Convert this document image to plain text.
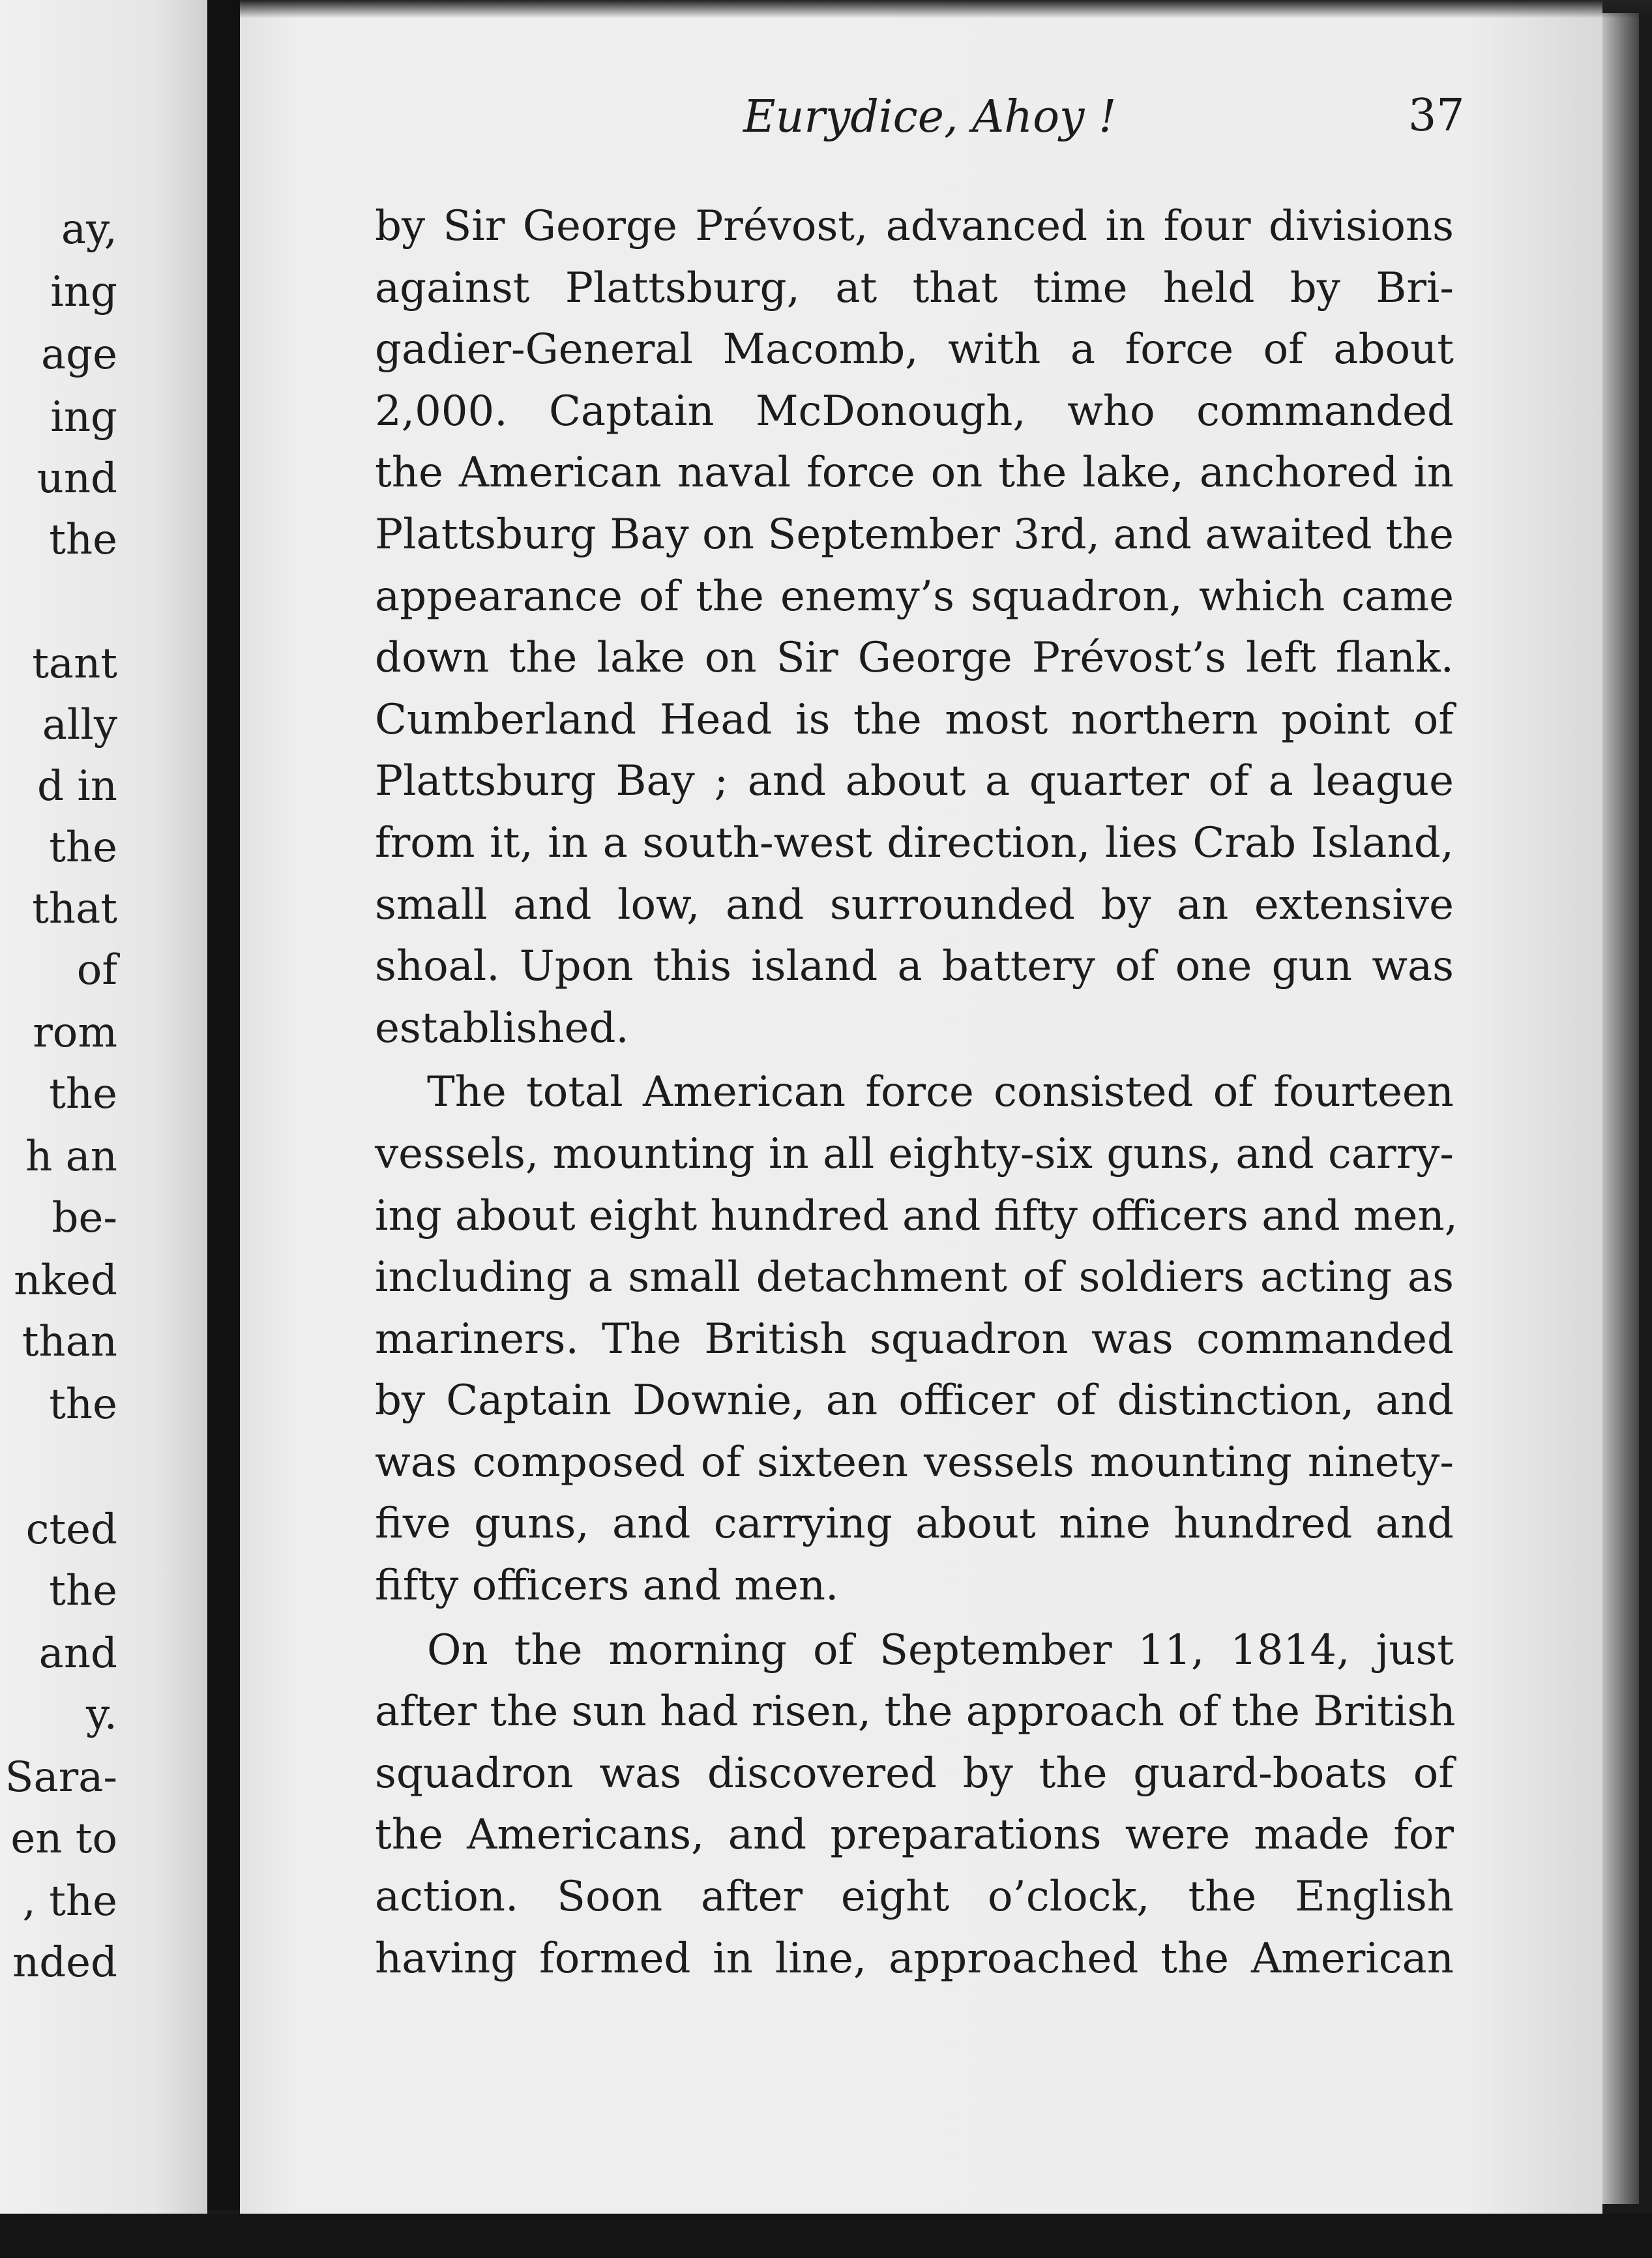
ay,
ing
age
ing
und
the
tant
ally
d in
the
that
of
rom
the
h an
be-
nked
than
the
cted
the
and
y.
Sara-
en to
, the
nded
Eurydice, Ahoy !	37
by Sir George Prévost, advanced in four divisions
against Plattsburg, at that time held by Bri-
gadier-General Macomb, with a force of about
2,000. Captain McDonough, who commanded
the American naval force on the lake, anchored in
Plattsburg Bay on September 3rd, and awaited the
appearance of the enemy’s squadron, which came
down the lake on Sir George Prévost’s left flank.
Cumberland Head is the most northern point of
Plattsburg Bay ; and about a quarter of a league
from it, in a south-west direction, lies Crab Island,
small and low, and surrounded by an extensive
shoal. Upon this island a battery of one gun was
established.
The total American force consisted of fourteen
vessels, mounting in all eighty-six guns, and carry-
ing about eight hundred and fifty officers and men,
including a small detachment of soldiers acting as
mariners. The British squadron was commanded
by Captain Downie, an officer of distinction, and
was composed of sixteen vessels mounting ninety-
five guns, and carrying about nine hundred and
fifty officers and men.
On the morning of September 11, 1814, just
after the sun had risen, the approach of the British
squadron was discovered by the guard-boats of
the Americans, and preparations were made for
action. Soon after eight o’clock, the English
having formed in line, approached the American
